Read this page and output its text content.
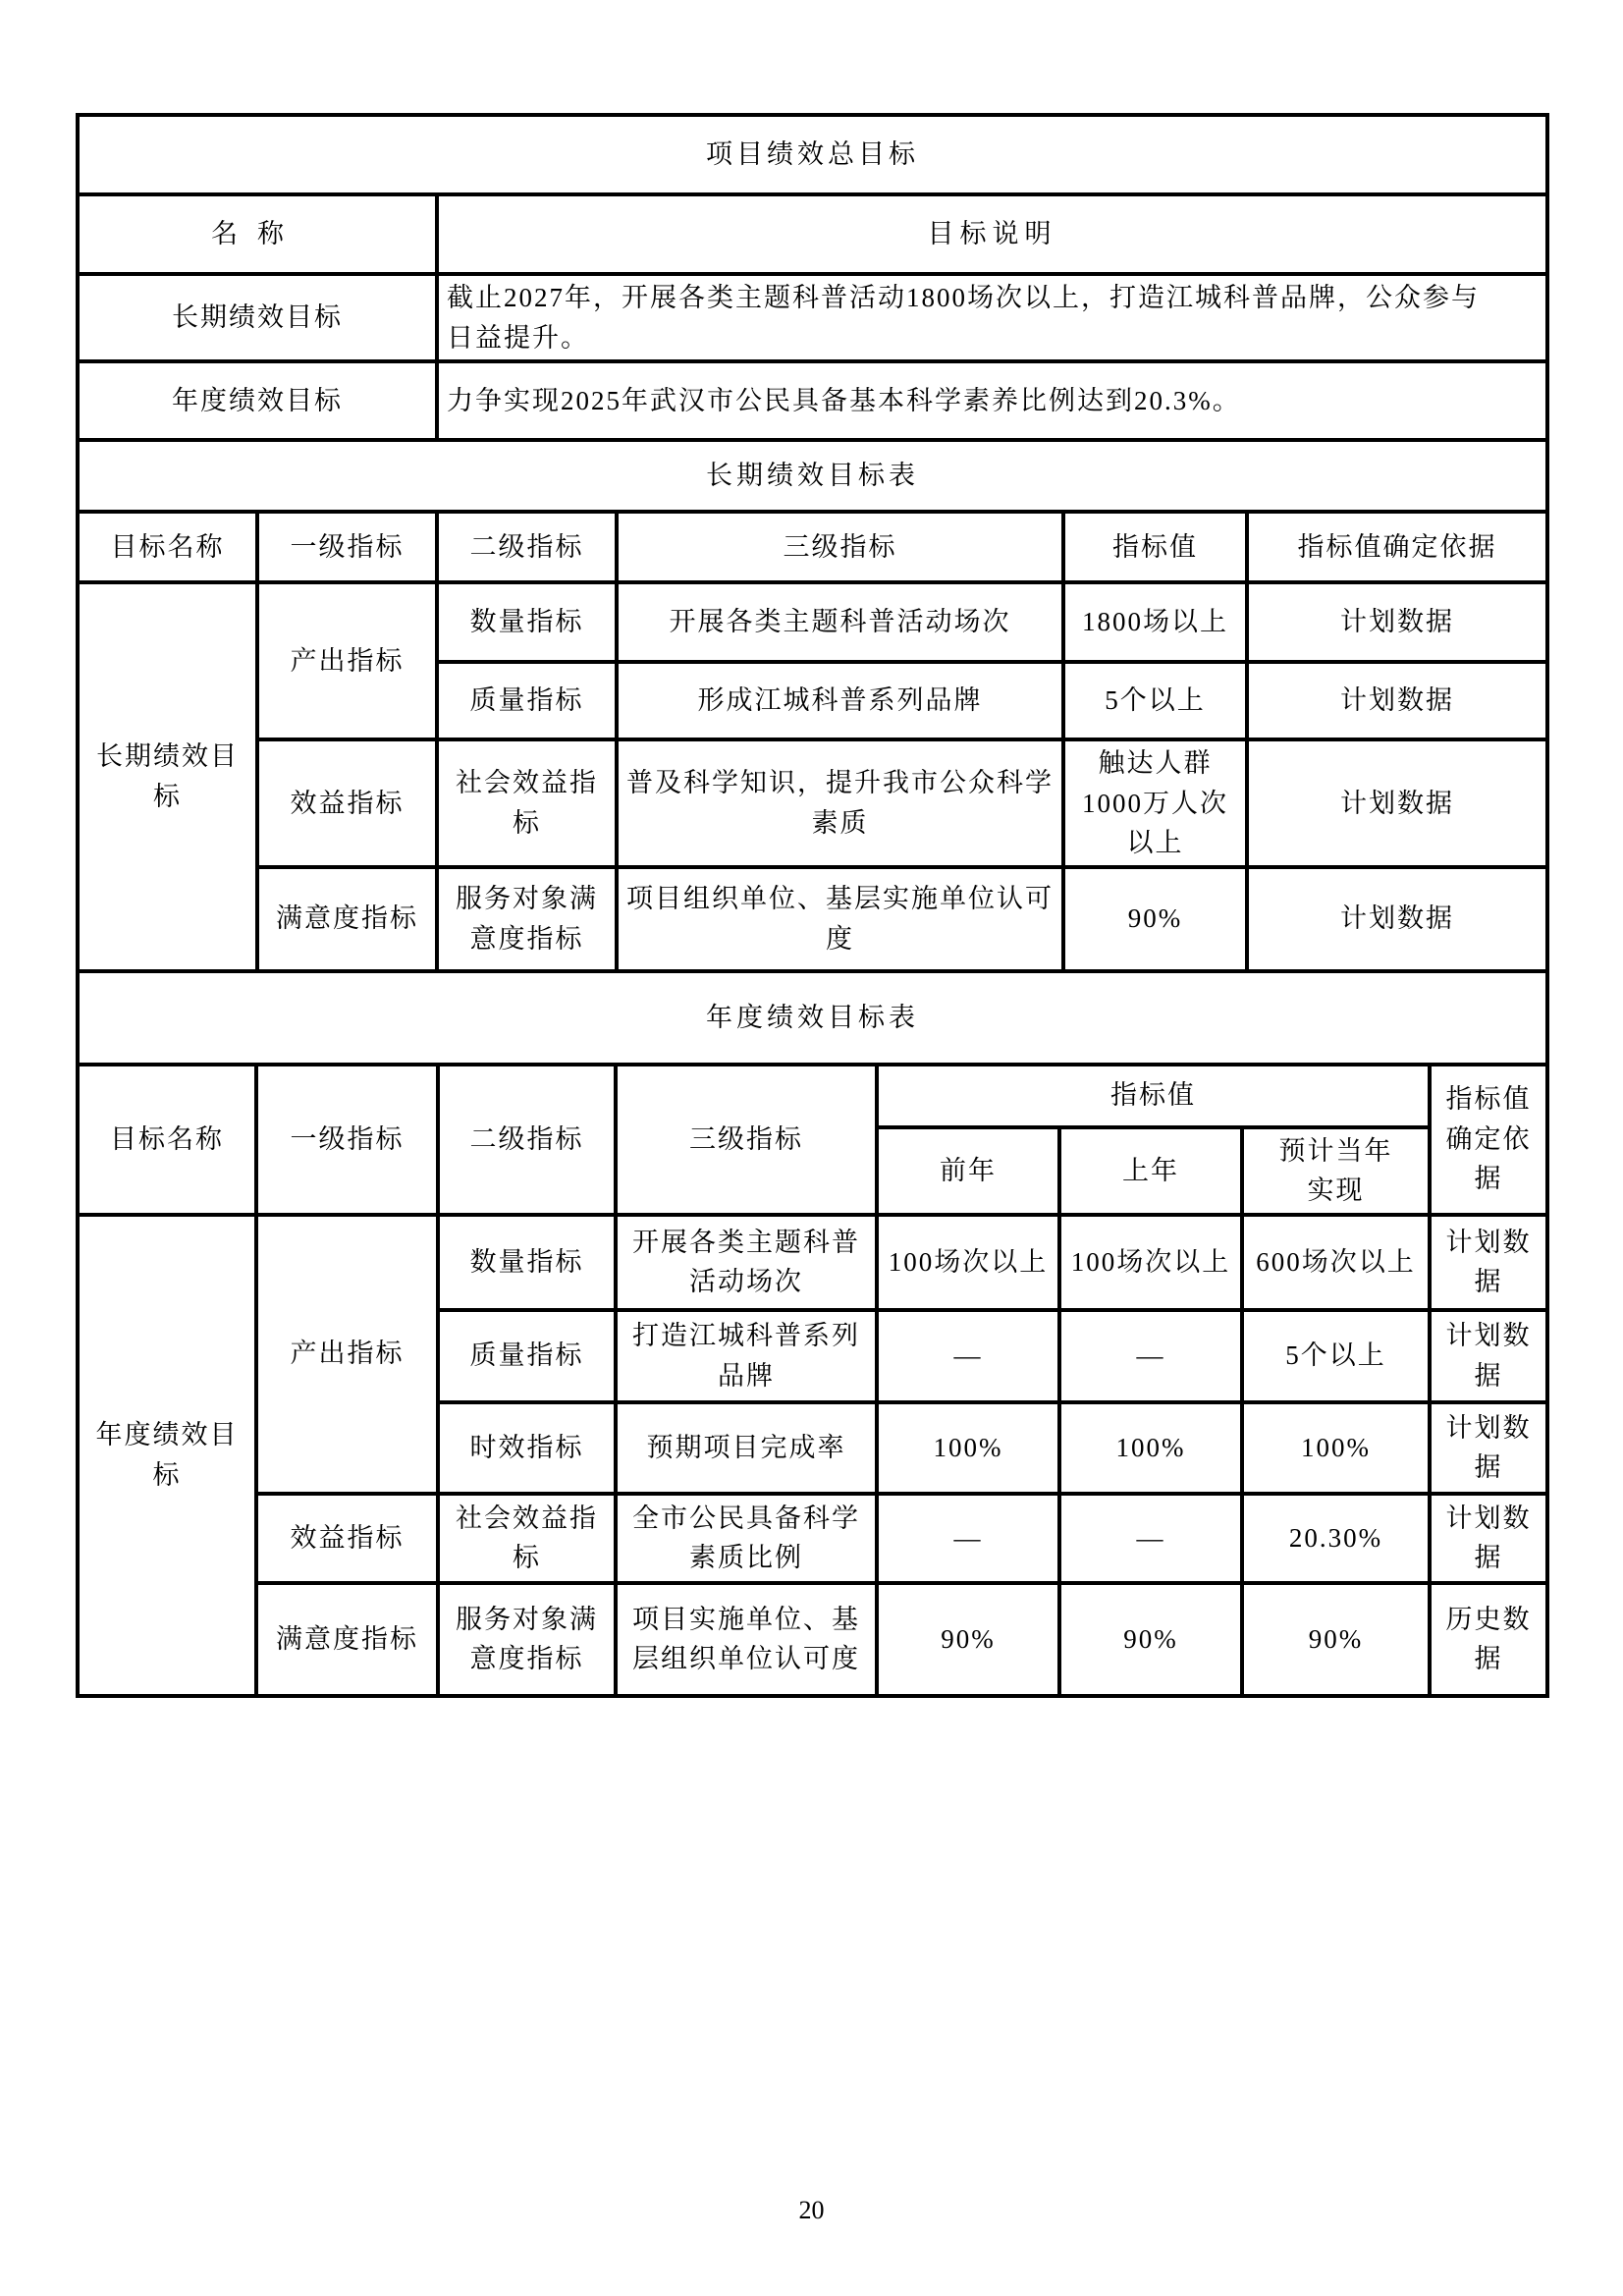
项目绩效总目标	
名称	目标说明
长期绩效目标	截止2027年，开展各类主题科普活动1800场次以上，打造江城科普品牌，公众参与日益提升。
年度绩效目标	力争实现2025年武汉市公民具备基本科学素养比例达到20.3%。
长期绩效目标表					
目标名称	一级指标	二级指标	三级指标	指标值	指标值确定依据
长期绩效目标	产出指标	数量指标	开展各类主题科普活动场次	1800场以上	计划数据
		质量指标	形成江城科普系列品牌	5个以上	计划数据
	效益指标	社会效益指标	普及科学知识，提升我市公众科学素质	触达人群1000万人次以上	计划数据
	满意度指标	服务对象满意度指标	项目组织单位、基层实施单位认可度	90%	计划数据
年度绩效目标表							
目标名称	一级指标	二级指标	三级指标	指标值			指标值确定依据
				前年	上年	预计当年实现	
年度绩效目标	产出指标	数量指标	开展各类主题科普活动场次	100场次以上	100场次以上	600场次以上	计划数据
		质量指标	打造江城科普系列品牌	—	—	5个以上	计划数据
		时效指标	预期项目完成率	100%	100%	100%	计划数据
	效益指标	社会效益指标	全市公民具备科学素质比例	—	—	20.30%	计划数据
	满意度指标	服务对象满意度指标	项目实施单位、基层组织单位认可度	90%	90%	90%	历史数据
20
